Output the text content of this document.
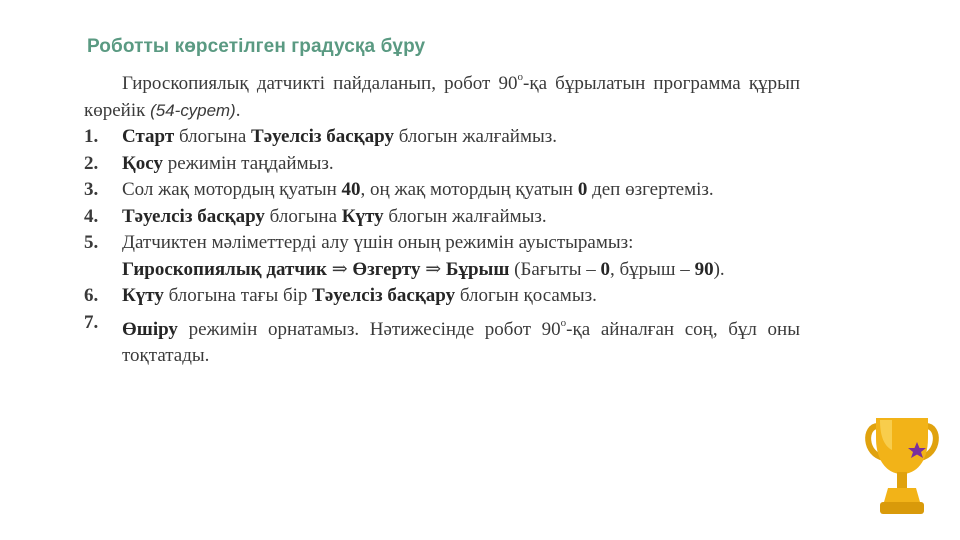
Роботты көрсетілген градусқа бұру

Гироскопиялық датчикті пайдаланып, робот $90^о-қа$ бұрылатын программа құрып көрейік (54-сурет).

1. Старт блогына Тәуелсіз басқару блогын жалғаймыз.

2. Қосу режимін таңдаймыз.

3. Сол жақ мотордың қуатын 40, оң жақ мотордың қуатын 0 деп өзгертеміз.

4. Тәуелсіз басқару блогына Күту блогын жалғаймыз.

5. Датчиктен мәліметтерді алу үшін оның режимін ауыстырамыз:

Гироскопиялық датчик ⇒ Өзгерту ⇒ Бұрыш (Бағыты – 0, бұрыш – 90).

6. Күту блогына тағы бір Тәуелсіз басқару блогын қосамыз.

7. Өшіру режимін орнатамыз. Нәтижесінде робот $90^о-қа$ айналған соң, бұл оны тоқтатады.
